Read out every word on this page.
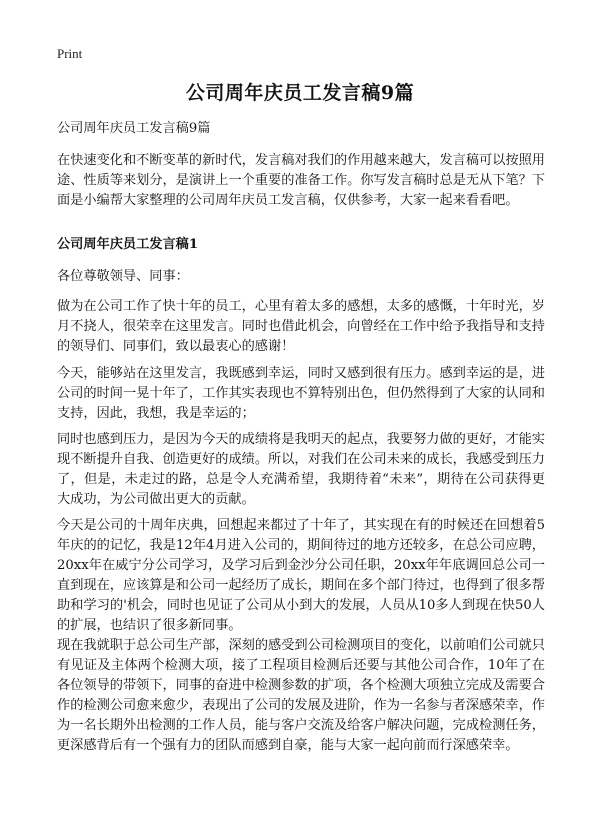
Print
公司周年庆员工发言稿9篇

公司周年庆员工发言稿9篇

在快速变化和不断变革的新时代，发言稿对我们的作用越来越大，发言稿可以按照用途、性质等来划分，是演讲上一个重要的准备工作。你写发言稿时总是无从下笔？下面是小编帮大家整理的公司周年庆员工发言稿，仅供参考，大家一起来看看吧。

公司周年庆员工发言稿1

各位尊敬领导、同事：

做为在公司工作了快十年的员工，心里有着太多的感想，太多的感慨，十年时光，岁月不挠人，很荣幸在这里发言。同时也借此机会，向曾经在工作中给予我指导和支持的领导们、同事们，致以最衷心的感谢！

今天，能够站在这里发言，我既感到幸运，同时又感到很有压力。感到幸运的是，进公司的时间一晃十年了，工作其实表现也不算特别出色，但仍然得到了大家的认同和支持，因此，我想，我是幸运的；

同时也感到压力，是因为今天的成绩将是我明天的起点，我要努力做的更好，才能实现不断提升自我、创造更好的成绩。所以，对我们在公司未来的成长，我感受到压力了，但是，未走过的路，总是令人充满希望，我期待着“未来”，期待在公司获得更大成功，为公司做出更大的贡献。

今天是公司的十周年庆典，回想起来都过了十年了，其实现在有的时候还在回想着5年庆的的记忆，我是12年4月进入公司的，期间待过的地方还较多，在总公司应聘，20xx年在威宁分公司学习，及学习后到金沙分公司任职，20xx年年底调回总公司一直到现在，应该算是和公司一起经历了成长，期间在多个部门待过，也得到了很多帮助和学习的'机会，同时也见证了公司从小到大的发展，人员从10多人到现在快50人的扩展，也结识了很多新同事。

现在我就职于总公司生产部，深刻的感受到公司检测项目的变化，以前咱们公司就只有见证及主体两个检测大项，接了工程项目检测后还要与其他公司合作，10年了在各位领导的带领下，同事的奋进中检测参数的扩项，各个检测大项独立完成及需要合作的检测公司愈来愈少，表现出了公司的发展及进阶，作为一名参与者深感荣幸，作为一名长期外出检测的工作人员，能与客户交流及给客户解决问题，完成检测任务，更深感背后有一个强有力的团队而感到自豪，能与大家一起向前而行深感荣幸。
